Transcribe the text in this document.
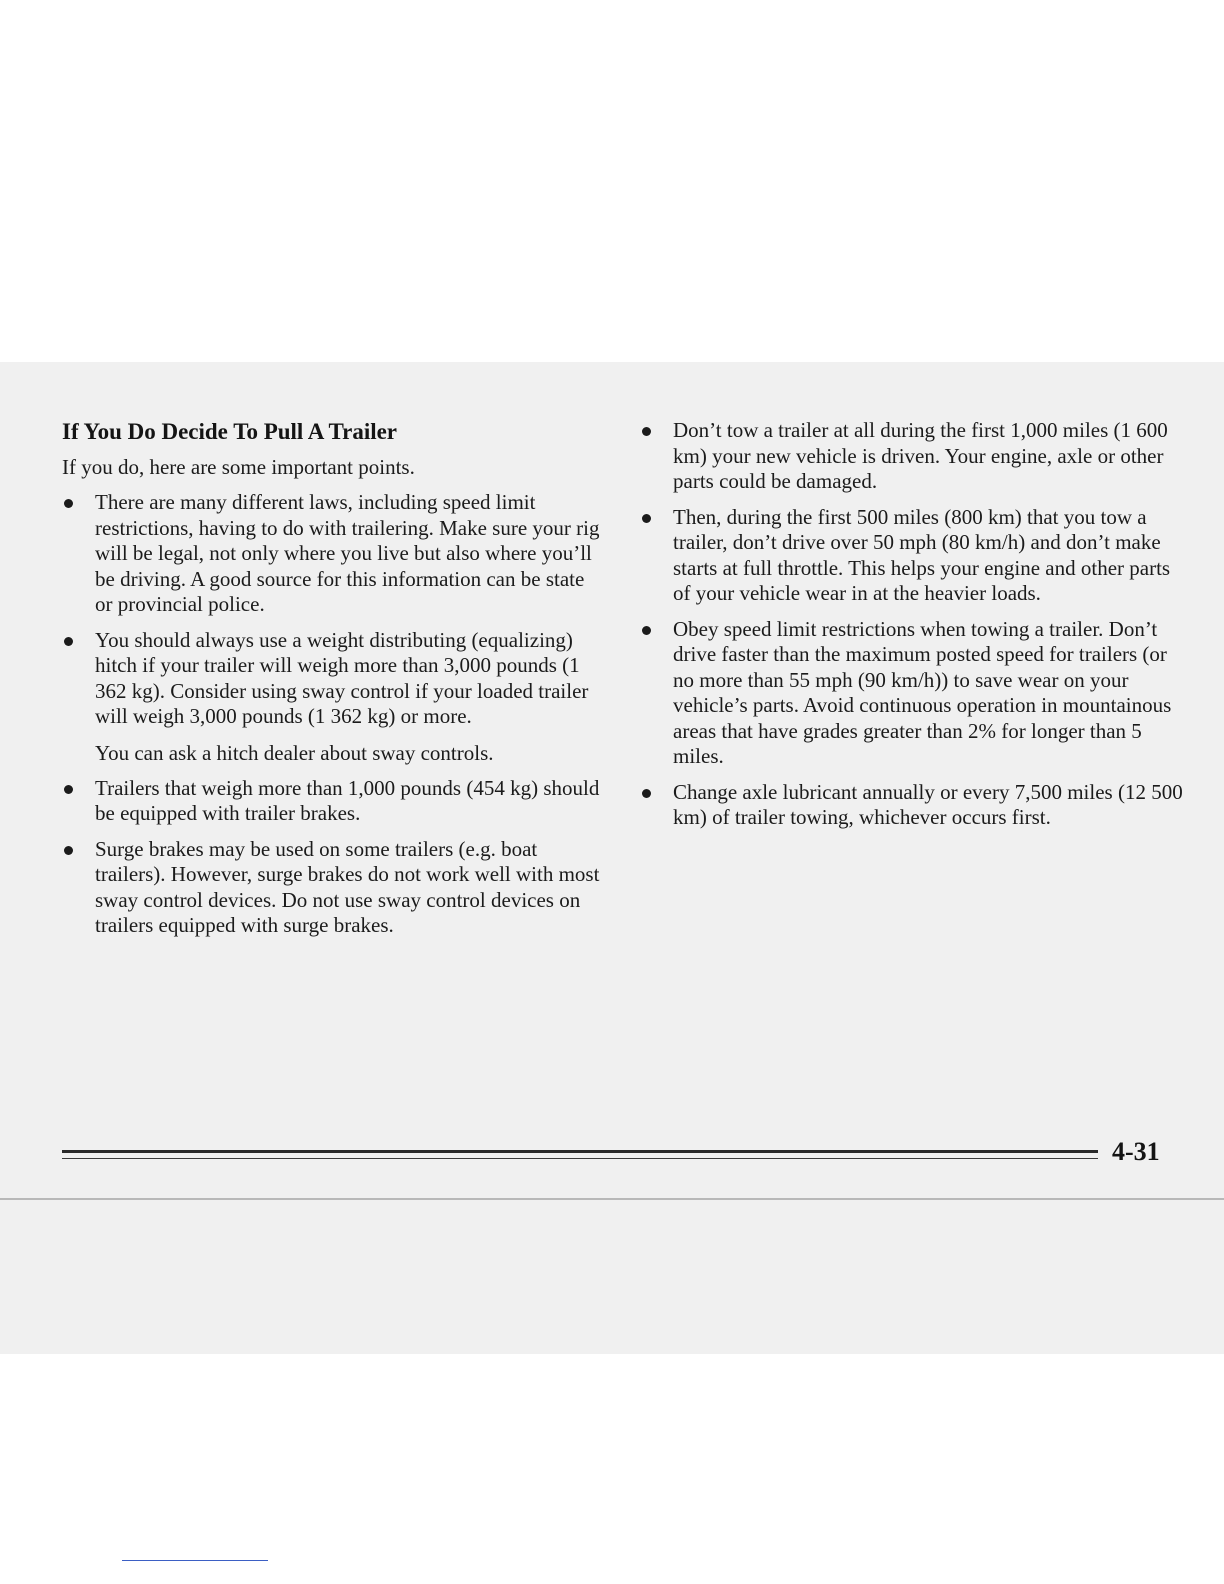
If You Do Decide To Pull A Trailer
If you do, here are some important points.
There are many different laws, including speed limit restrictions, having to do with trailering. Make sure your rig will be legal, not only where you live but also where you’ll be driving. A good source for this information can be state or provincial police.
You should always use a weight distributing (equalizing) hitch if your trailer will weigh more than 3,000 pounds (1 362 kg). Consider using sway control if your loaded trailer will weigh 3,000 pounds (1 362 kg) or more.
You can ask a hitch dealer about sway controls.
Trailers that weigh more than 1,000 pounds (454 kg) should be equipped with trailer brakes.
Surge brakes may be used on some trailers (e.g. boat trailers). However, surge brakes do not work well with most sway control devices. Do not use sway control devices on trailers equipped with surge brakes.
Don’t tow a trailer at all during the first 1,000 miles (1 600 km) your new vehicle is driven. Your engine, axle or other parts could be damaged.
Then, during the first 500 miles (800 km) that you tow a trailer, don’t drive over 50 mph (80 km/h) and don’t make starts at full throttle. This helps your engine and other parts of your vehicle wear in at the heavier loads.
Obey speed limit restrictions when towing a trailer. Don’t drive faster than the maximum posted speed for trailers (or no more than 55 mph (90 km/h)) to save wear on your vehicle’s parts. Avoid continuous operation in mountainous areas that have grades greater than 2% for longer than 5 miles.
Change axle lubricant annually or every 7,500 miles (12 500 km) of trailer towing, whichever occurs first.
4-31
